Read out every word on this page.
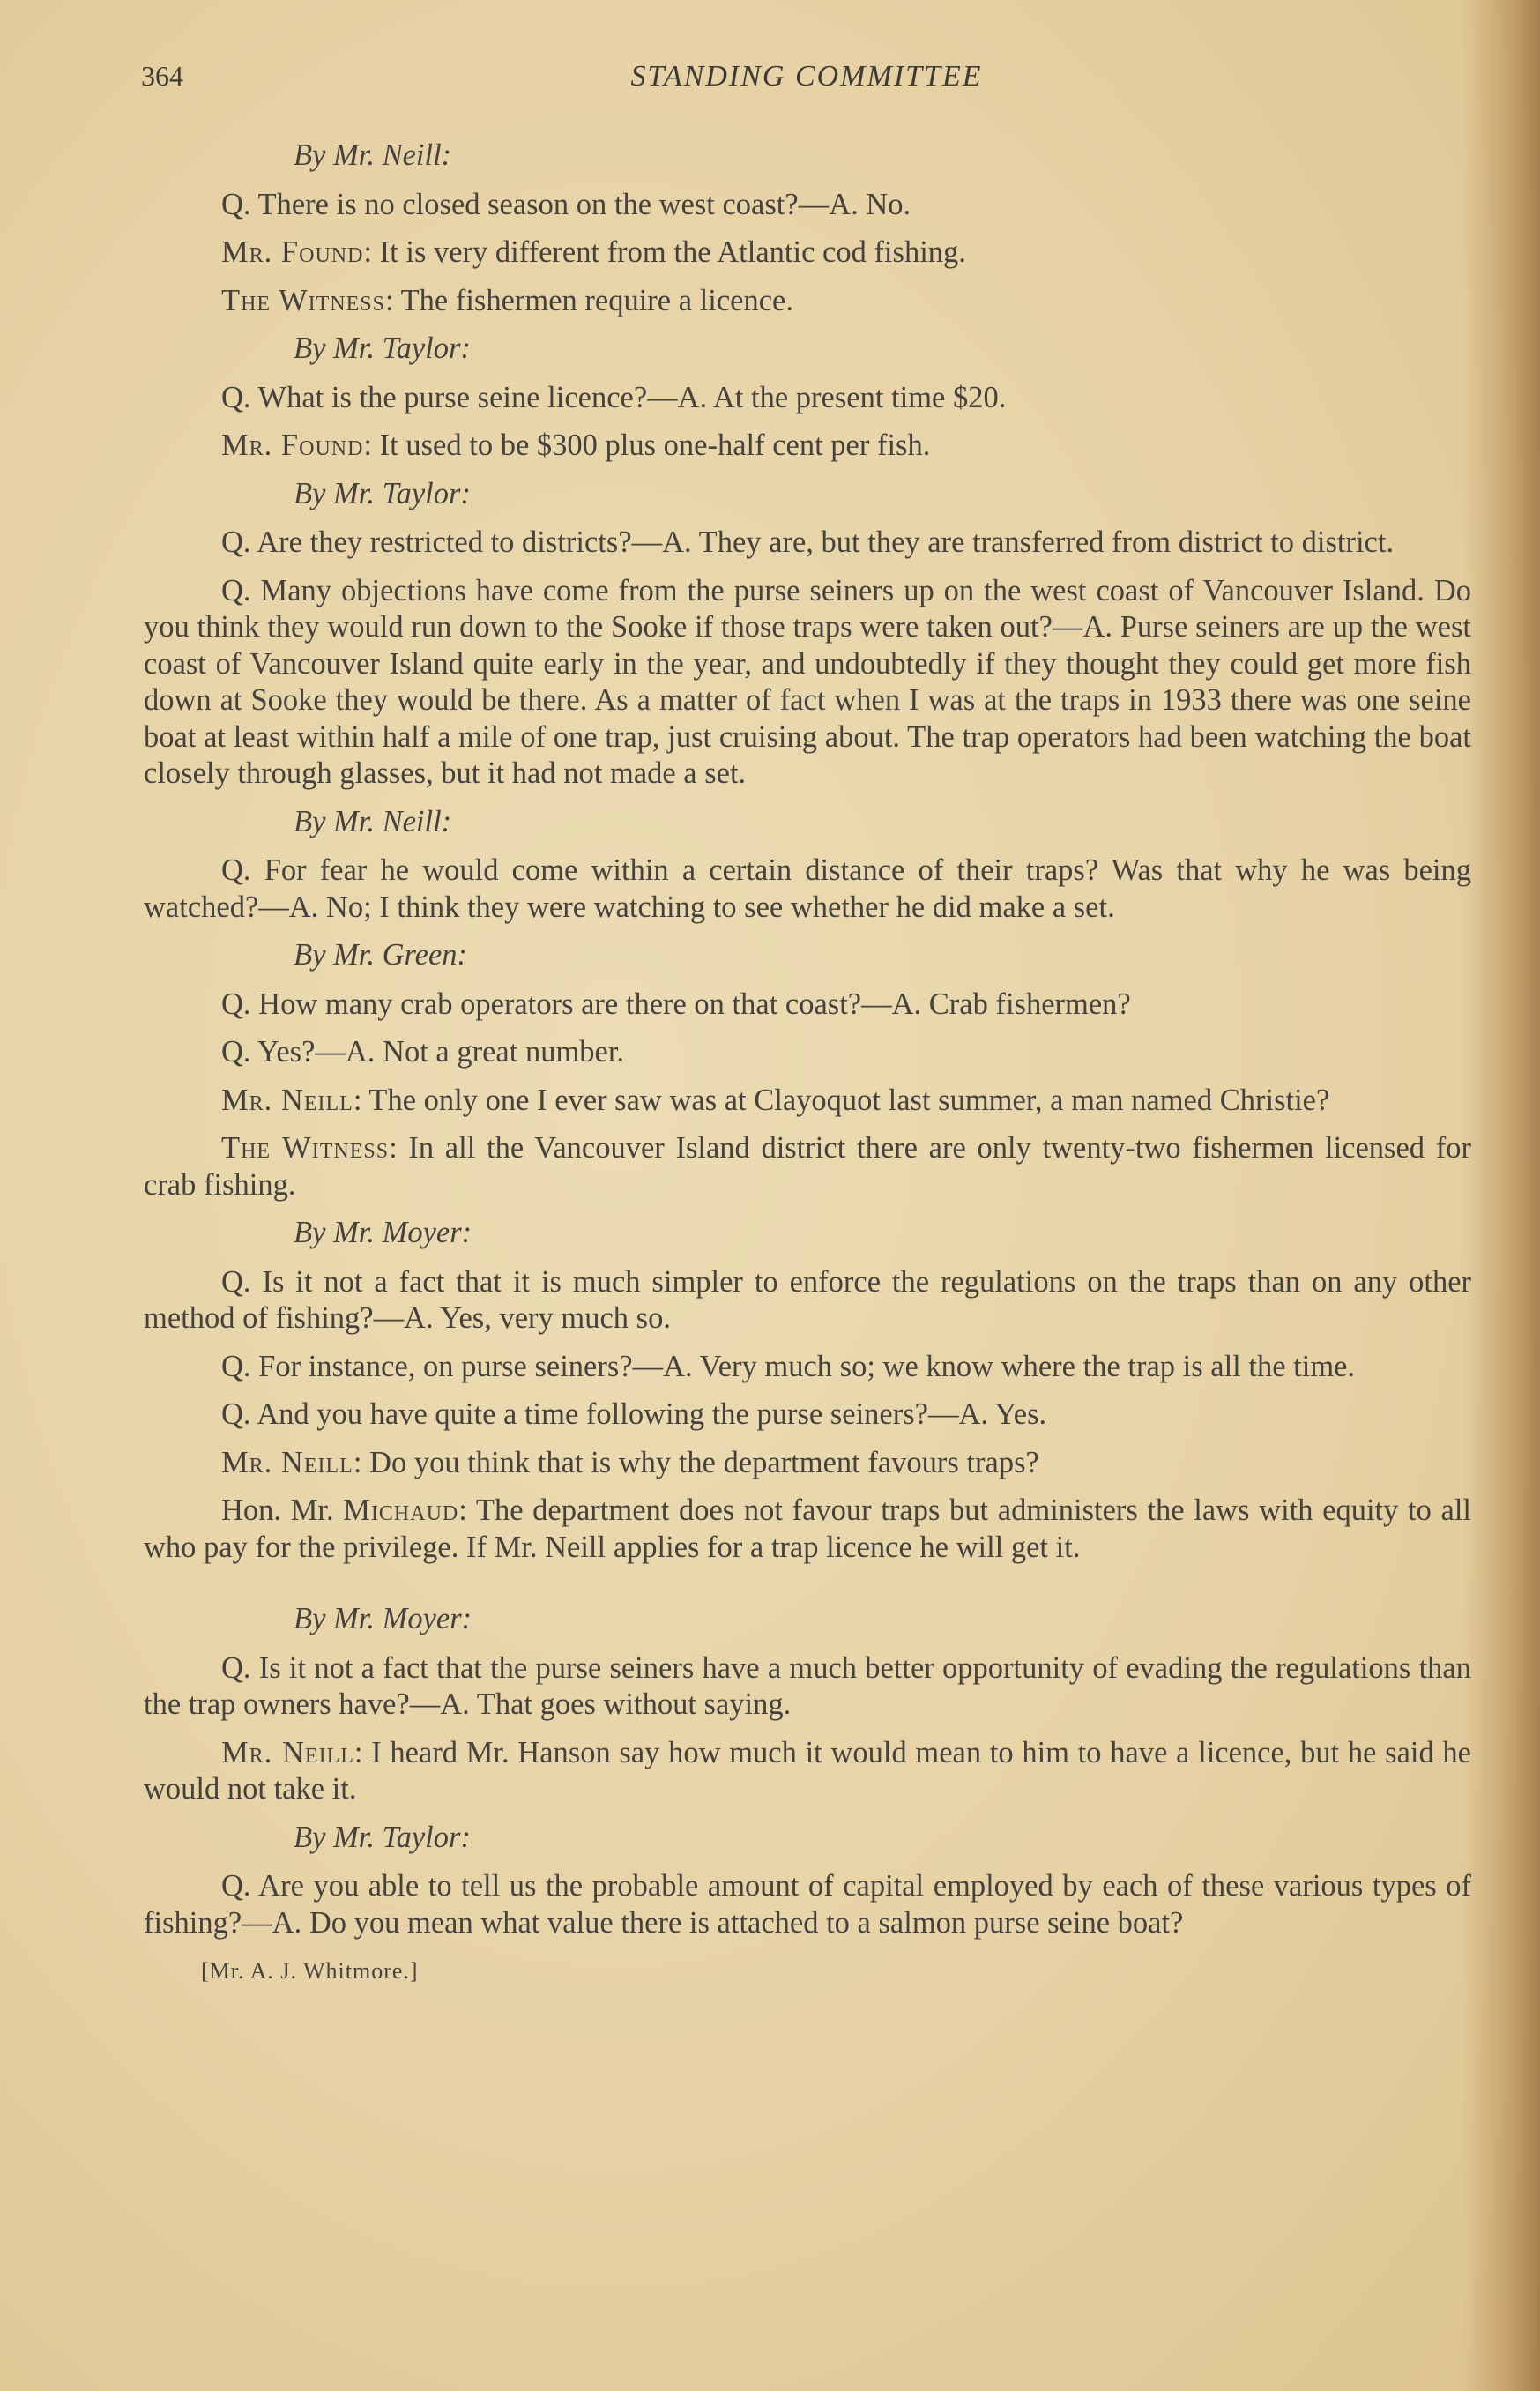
364	STANDING COMMITTEE
By Mr. Neill:

Q. There is no closed season on the west coast?—A. No.

Mr. Found: It is very different from the Atlantic cod fishing.

The Witness: The fishermen require a licence.

By Mr. Taylor:

Q. What is the purse seine licence?—A. At the present time $20.

Mr. Found: It used to be $300 plus one-half cent per fish.

By Mr. Taylor:

Q. Are they restricted to districts?—A. They are, but they are transferred from district to district.

Q. Many objections have come from the purse seiners up on the west coast of Vancouver Island. Do you think they would run down to the Sooke if those traps were taken out?—A. Purse seiners are up the west coast of Vancouver Island quite early in the year, and undoubtedly if they thought they could get more fish down at Sooke they would be there. As a matter of fact when I was at the traps in 1933 there was one seine boat at least within half a mile of one trap, just cruising about. The trap operators had been watching the boat closely through glasses, but it had not made a set.

By Mr. Neill:

Q. For fear he would come within a certain distance of their traps? Was that why he was being watched?—A. No; I think they were watching to see whether he did make a set.

By Mr. Green:

Q. How many crab operators are there on that coast?—A. Crab fishermen?

Q. Yes?—A. Not a great number.

Mr. Neill: The only one I ever saw was at Clayoquot last summer, a man named Christie?

The Witness: In all the Vancouver Island district there are only twenty-two fishermen licensed for crab fishing.

By Mr. Moyer:

Q. Is it not a fact that it is much simpler to enforce the regulations on the traps than on any other method of fishing?—A. Yes, very much so.

Q. For instance, on purse seiners?—A. Very much so; we know where the trap is all the time.

Q. And you have quite a time following the purse seiners?—A. Yes.

Mr. Neill: Do you think that is why the department favours traps?

Hon. Mr. Michaud: The department does not favour traps but administers the laws with equity to all who pay for the privilege. If Mr. Neill applies for a trap licence he will get it.

By Mr. Moyer:

Q. Is it not a fact that the purse seiners have a much better opportunity of evading the regulations than the trap owners have?—A. That goes without saying.

Mr. Neill: I heard Mr. Hanson say how much it would mean to him to have a licence, but he said he would not take it.

By Mr. Taylor:

Q. Are you able to tell us the probable amount of capital employed by each of these various types of fishing?—A. Do you mean what value there is attached to a salmon purse seine boat?

[Mr. A. J. Whitmore.]
